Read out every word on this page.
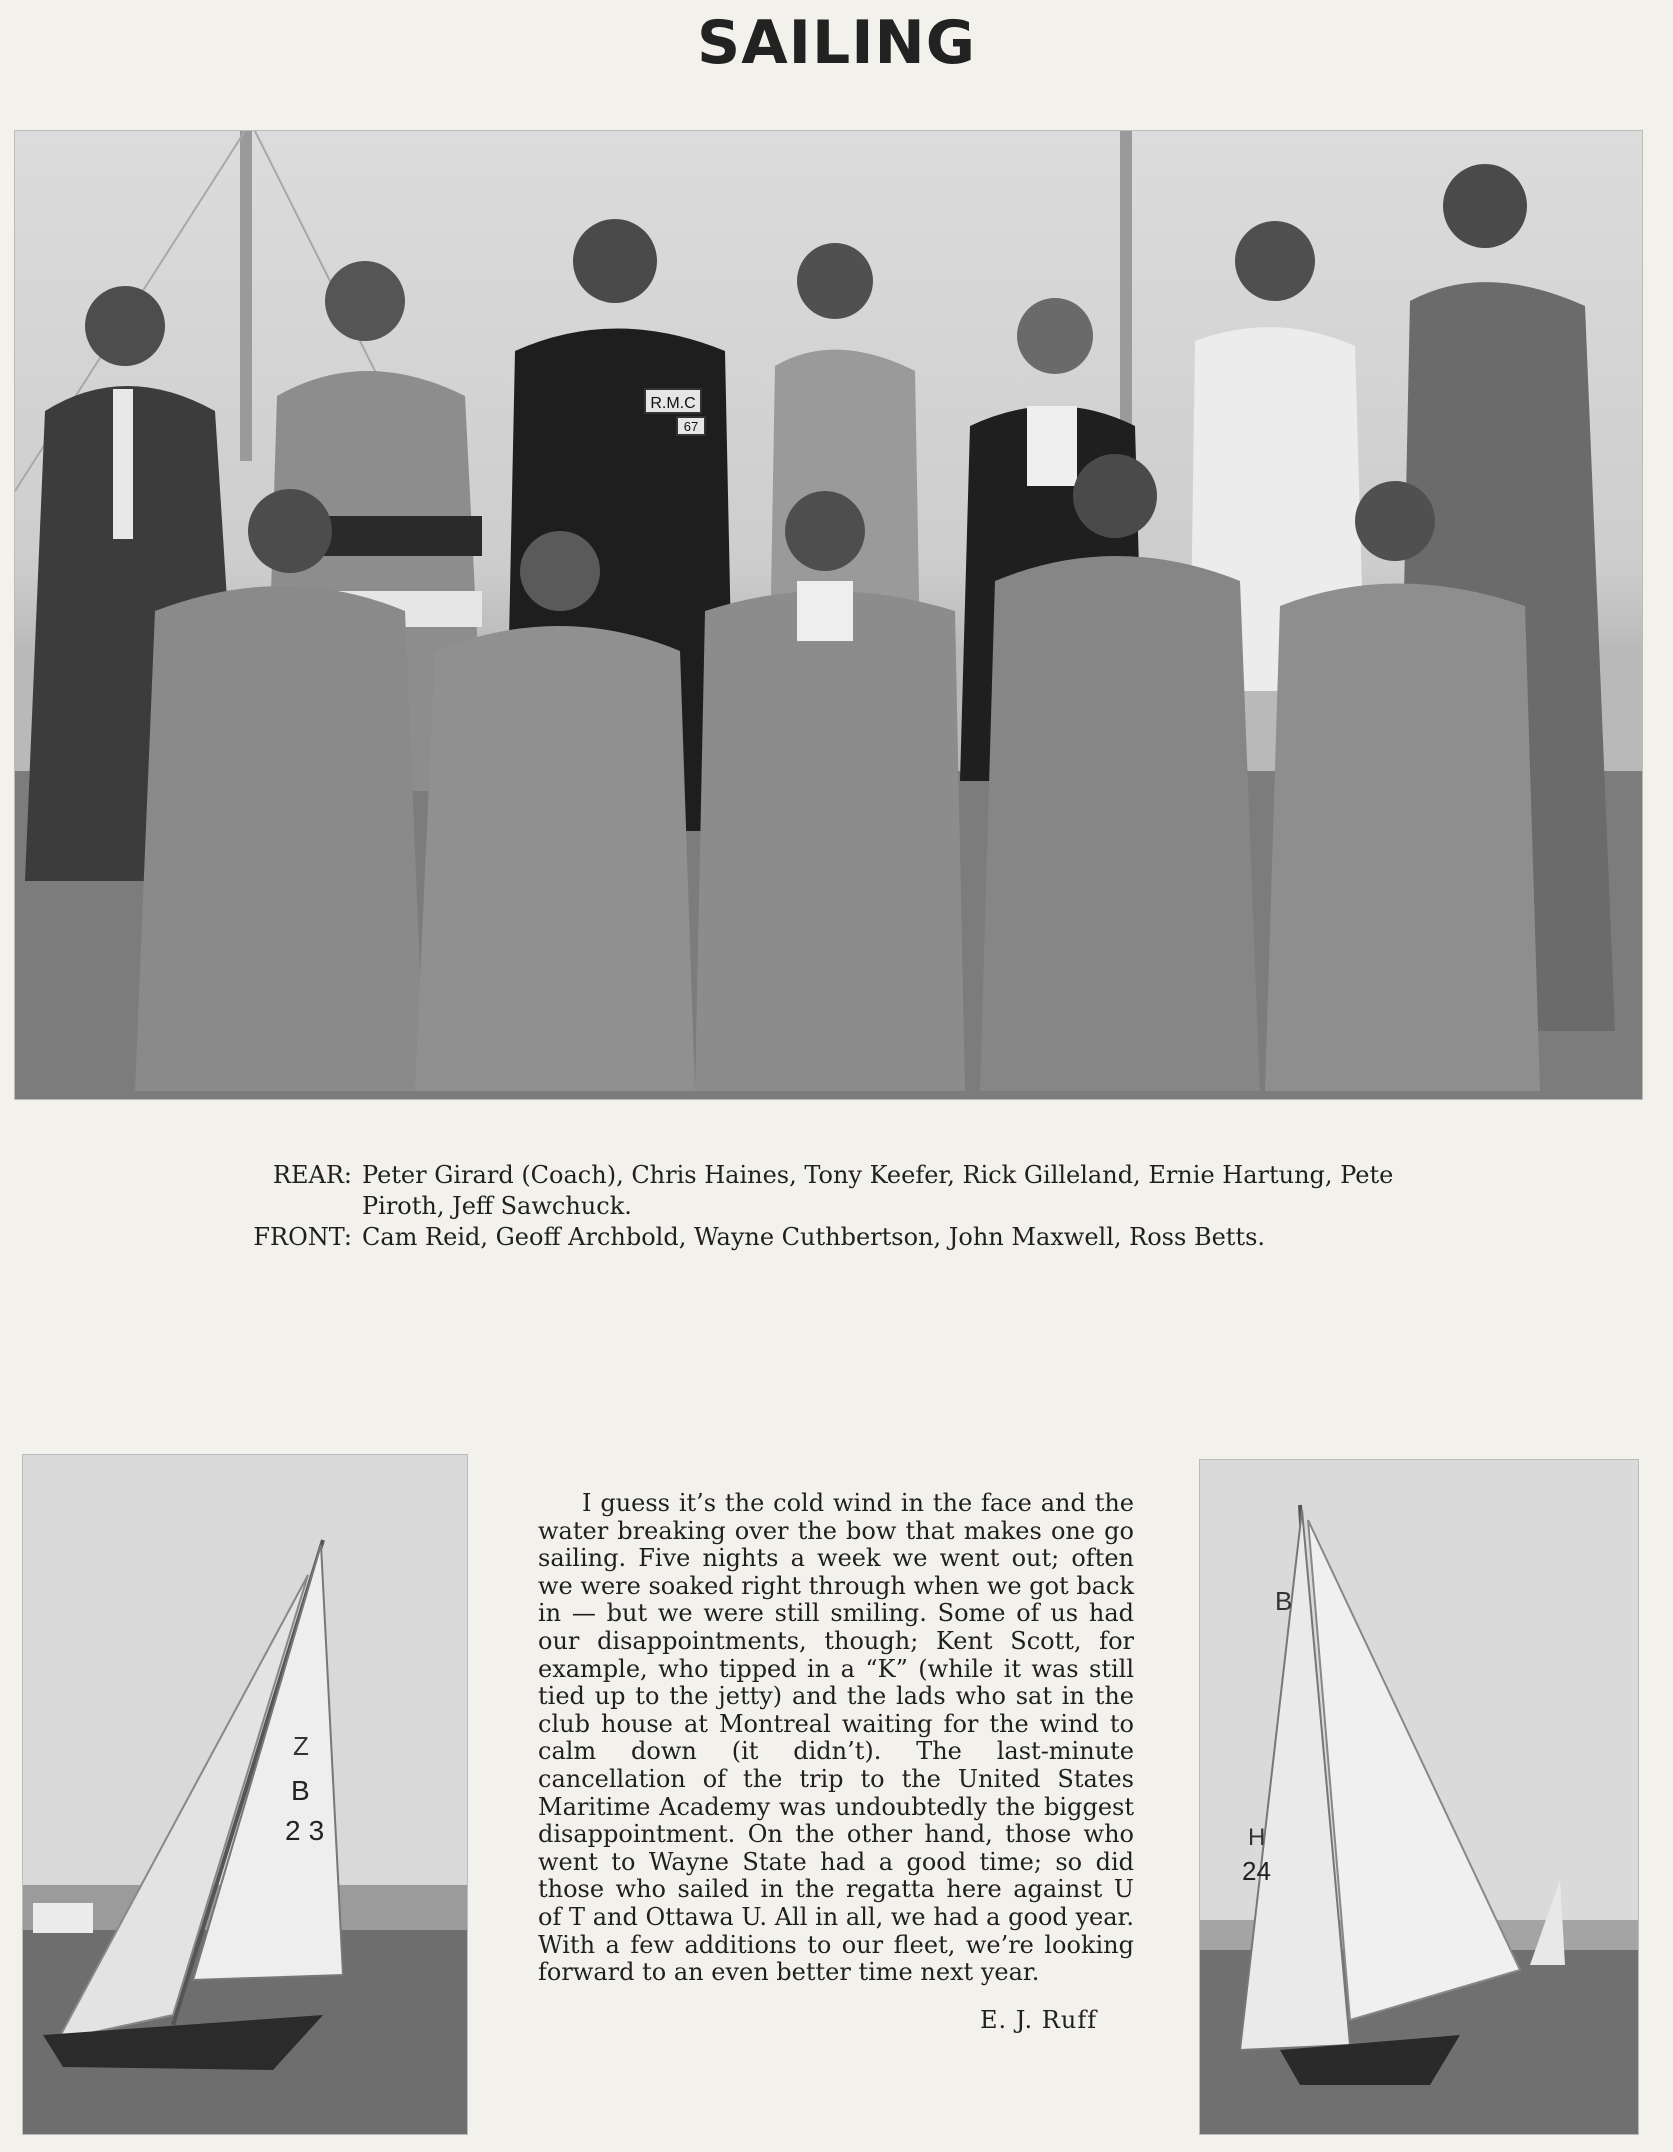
SAILING
R.M.C
67
REAR: Peter Girard (Coach), Chris Haines, Tony Keefer, Rick Gilleland, Ernie Hartung, Pete Piroth, Jeff Sawchuck.
FRONT: Cam Reid, Geoff Archbold, Wayne Cuthbertson, John Maxwell, Ross Betts.
Z
B
23
I guess it’s the cold wind in the face and the water breaking over the bow that makes one go sailing. Five nights a week we went out; often we were soaked right through when we got back in — but we were still smiling. Some of us had our disappointments, though; Kent Scott, for example, who tipped in a “K” (while it was still tied up to the jetty) and the lads who sat in the club house at Montreal waiting for the wind to calm down (it didn’t). The last-minute cancellation of the trip to the United States Maritime Academy was undoubtedly the biggest disappointment. On the other hand, those who went to Wayne State had a good time; so did those who sailed in the regatta here against U of T and Ottawa U. All in all, we had a good year. With a few additions to our fleet, we’re looking forward to an even better time next year.
E. J. Ruff
B
H
24
